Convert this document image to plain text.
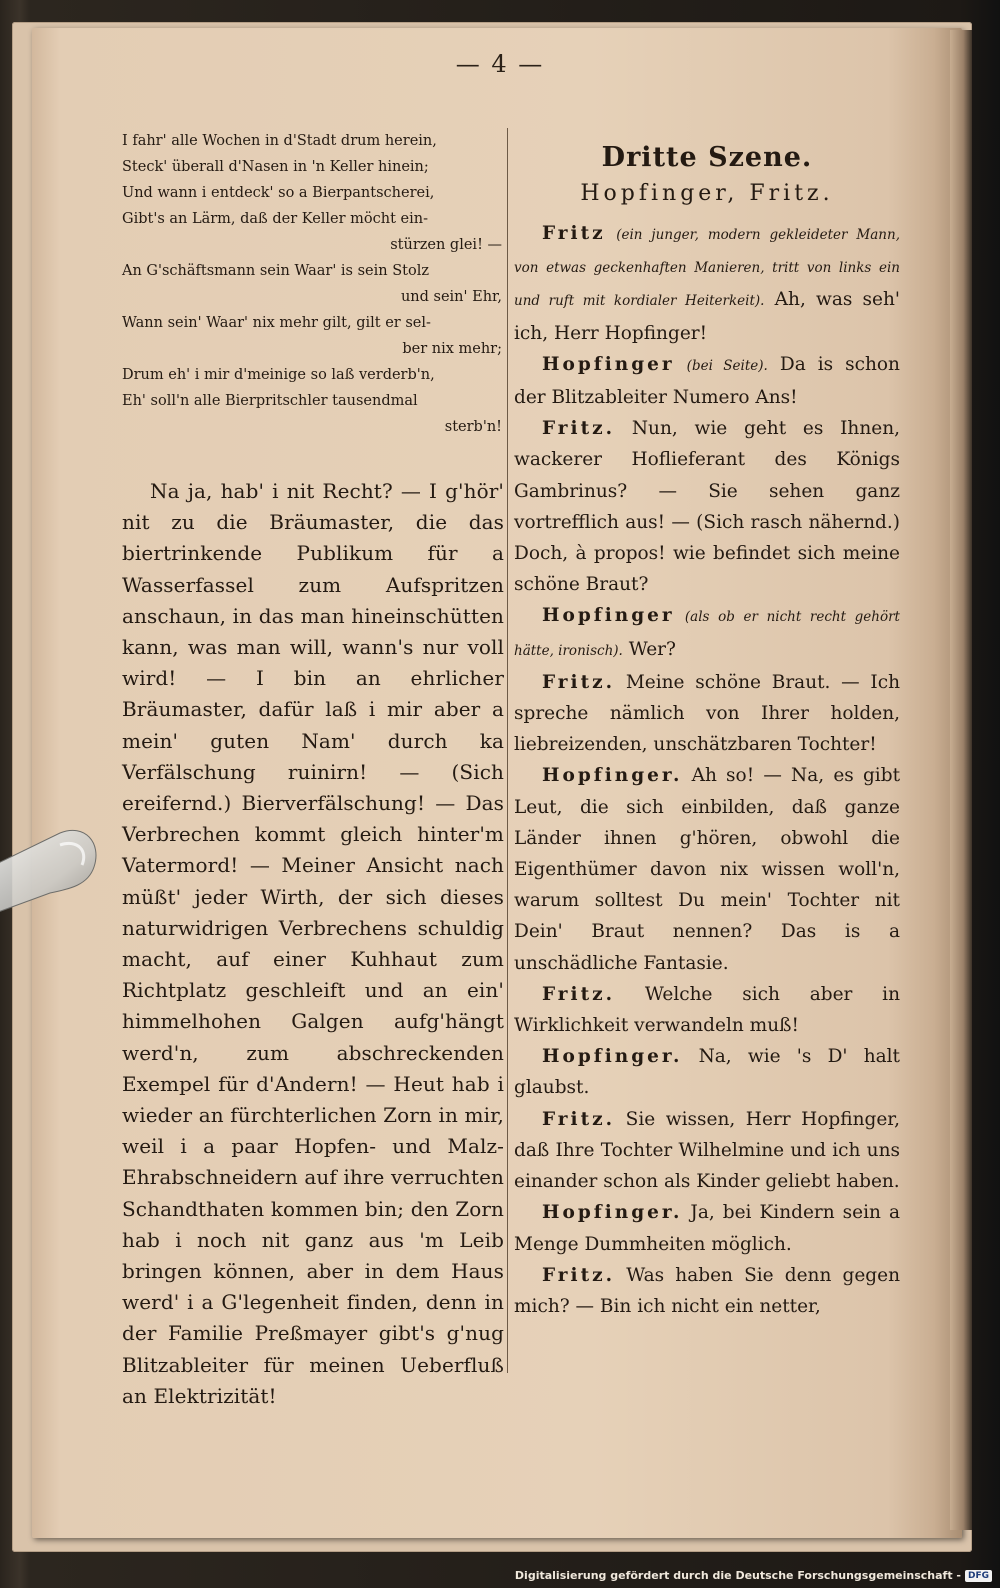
— 4 —
I fahr' alle Wochen in d'Stadt drum herein,
Steck' überall d'Nasen in 'n Keller hinein;
Und wann i entdeck' so a Bierpantscherei,
Gibt's an Lärm, daß der Keller möcht ein-
stürzen glei! —
An G'schäftsmann sein Waar' is sein Stolz
und sein' Ehr,
Wann sein' Waar' nix mehr gilt, gilt er sel-
ber nix mehr;
Drum eh' i mir d'meinige so laß verderb'n,
Eh' soll'n alle Bierpritschler tausendmal
sterb'n!

Na ja, hab' i nit Recht? — I g'hör' nit zu die Bräumaster, die das biertrinkende Publikum für a Wasserfassel zum Aufspritzen anschaun, in das man hineinschütten kann, was man will, wann's nur voll wird! — I bin an ehrlicher Bräumaster, dafür laß i mir aber a mein' guten Nam' durch ka Verfälschung ruinirn! — (Sich ereifernd.) Bierverfälschung! — Das Verbrechen kommt gleich hinter'm Vatermord! — Meiner Ansicht nach müßt' jeder Wirth, der sich dieses naturwidrigen Verbrechens schuldig macht, auf einer Kuhhaut zum Richtplatz geschleift und an ein' himmelhohen Galgen aufg'hängt werd'n, zum abschreckenden Exempel für d'Andern! — Heut hab i wieder an fürchterlichen Zorn in mir, weil i a paar Hopfen- und Malz-Ehrabschneidern auf ihre verruchten Schandthaten kommen bin; den Zorn hab i noch nit ganz aus 'm Leib bringen können, aber in dem Haus werd' i a G'legenheit finden, denn in der Familie Preßmayer gibt's g'nug Blitzableiter für meinen Ueberfluß an Elektrizität!

Dritte Szene.
Hopfinger, Fritz.

Fritz (ein junger, modern gekleideter Mann, von etwas geckenhaften Manieren, tritt von links ein und ruft mit kordialer Heiterkeit). Ah, was seh' ich, Herr Hopfinger!

Hopfinger (bei Seite). Da is schon der Blitzableiter Numero Ans!

Fritz. Nun, wie geht es Ihnen, wackerer Hoflieferant des Königs Gambrinus? — Sie sehen ganz vortrefflich aus! — (Sich rasch nähernd.) Doch, à propos! wie befindet sich meine schöne Braut?

Hopfinger (als ob er nicht recht gehört hätte, ironisch). Wer?

Fritz. Meine schöne Braut. — Ich spreche nämlich von Ihrer holden, liebreizenden, unschätzbaren Tochter!

Hopfinger. Ah so! — Na, es gibt Leut, die sich einbilden, daß ganze Länder ihnen g'hören, obwohl die Eigenthümer davon nix wissen woll'n, warum solltest Du mein' Tochter nit Dein' Braut nennen? Das is a unschädliche Fantasie.

Fritz. Welche sich aber in Wirklichkeit verwandeln muß!

Hopfinger. Na, wie 's D' halt glaubst.

Fritz. Sie wissen, Herr Hopfinger, daß Ihre Tochter Wilhelmine und ich uns einander schon als Kinder geliebt haben.

Hopfinger. Ja, bei Kindern sein a Menge Dummheiten möglich.

Fritz. Was haben Sie denn gegen mich? — Bin ich nicht ein netter,

Digitalisierung gefördert durch die Deutsche Forschungsgemeinschaft - DFG
